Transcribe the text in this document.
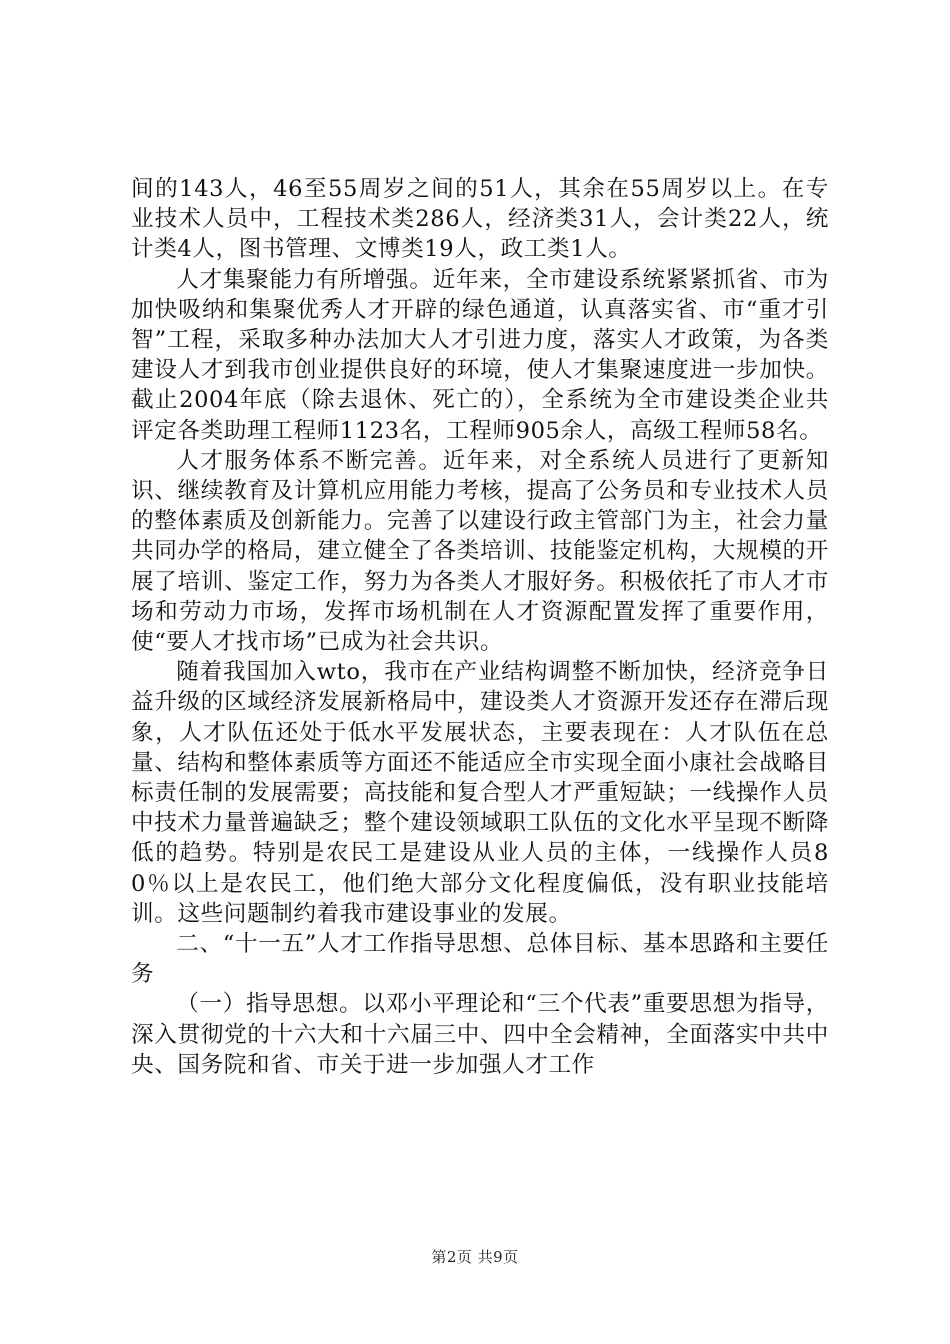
间的143人，46至55周岁之间的51人，其余在55周岁以上。在专业技术人员中，工程技术类286人，经济类31人，会计类22人，统计类4人，图书管理、文博类19人，政工类1人。

人才集聚能力有所增强。近年来，全市建设系统紧紧抓省、市为加快吸纳和集聚优秀人才开辟的绿色通道，认真落实省、市“重才引智”工程，采取多种办法加大人才引进力度，落实人才政策，为各类建设人才到我市创业提供良好的环境，使人才集聚速度进一步加快。截止2004年底（除去退休、死亡的），全系统为全市建设类企业共评定各类助理工程师1123名，工程师905余人，高级工程师58名。

人才服务体系不断完善。近年来，对全系统人员进行了更新知识、继续教育及计算机应用能力考核，提高了公务员和专业技术人员的整体素质及创新能力。完善了以建设行政主管部门为主，社会力量共同办学的格局，建立健全了各类培训、技能鉴定机构，大规模的开展了培训、鉴定工作，努力为各类人才服好务。积极依托了市人才市场和劳动力市场，发挥市场机制在人才资源配置发挥了重要作用，使“要人才找市场”已成为社会共识。

随着我国加入wto，我市在产业结构调整不断加快，经济竞争日益升级的区域经济发展新格局中，建设类人才资源开发还存在滞后现象，人才队伍还处于低水平发展状态，主要表现在：人才队伍在总量、结构和整体素质等方面还不能适应全市实现全面小康社会战略目标责任制的发展需要；高技能和复合型人才严重短缺；一线操作人员中技术力量普遍缺乏；整个建设领域职工队伍的文化水平呈现不断降低的趋势。特别是农民工是建设从业人员的主体，一线操作人员80％以上是农民工，他们绝大部分文化程度偏低，没有职业技能培训。这些问题制约着我市建设事业的发展。

二、“十一五”人才工作指导思想、总体目标、基本思路和主要任务

（一）指导思想。以邓小平理论和“三个代表”重要思想为指导，深入贯彻党的十六大和十六届三中、四中全会精神，全面落实中共中央、国务院和省、市关于进一步加强人才工作

第2页 共9页
